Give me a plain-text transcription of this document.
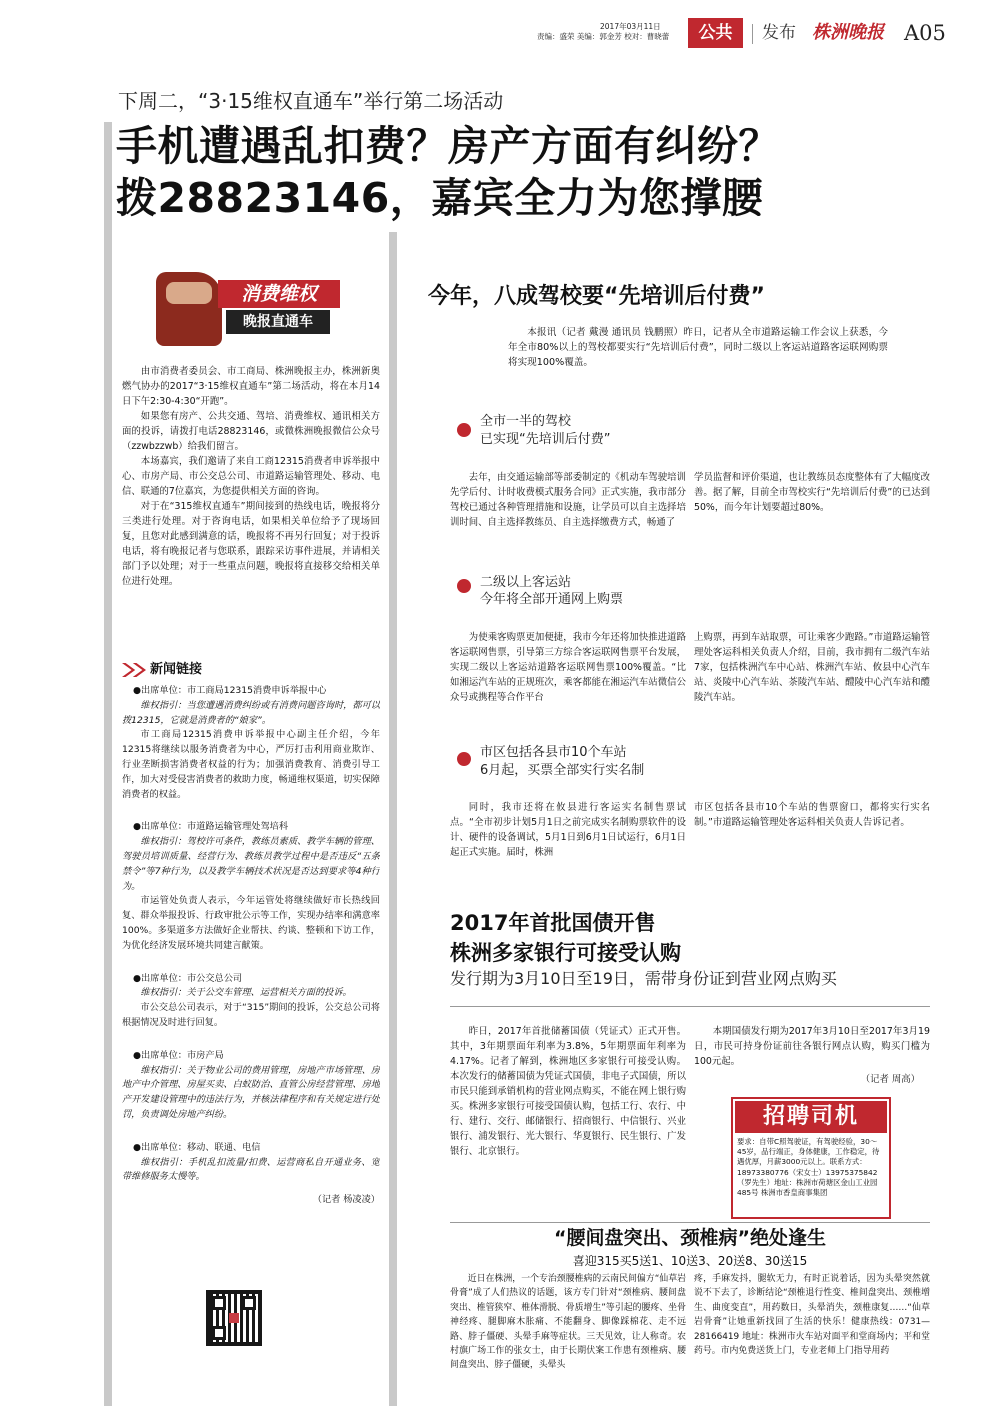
2017年03月11日
责编：盛荣 美编：郭金芳 校对：曹晓蕾	公共	发布 株洲晚报 A05
下周二，“3·15维权直通车”举行第二场活动
手机遭遇乱扣费？房产方面有纠纷？
拨28823146，嘉宾全力为您撑腰
消费维权
晚报直通车

由市消费者委员会、市工商局、株洲晚报主办，株洲新奥燃气协办的2017“3·15维权直通车”第二场活动，将在本月14日下午2:30-4:30“开跑”。

如果您有房产、公共交通、驾培、消费维权、通讯相关方面的投诉，请拨打电话28823146，或微株洲晚报微信公众号（zzwbzzwb）给我们留言。

本场嘉宾，我们邀请了来自工商12315消费者申诉举报中心、市房产局、市公交总公司、市道路运输管理处、移动、电信、联通的7位嘉宾，为您提供相关方面的咨询。

对于在“315维权直通车”期间接到的热线电话，晚报将分三类进行处理。对于咨询电话，如果相关单位给予了现场回复，且您对此感到满意的话，晚报将不再另行回复；对于投诉电话，将有晚报记者与您联系，跟踪采访事件进展，并请相关部门予以处理；对于一些重点问题，晚报将直接移交给相关单位进行处理。

新闻链接

●出席单位：市工商局12315消费申诉举报中心

维权指引：当您遭遇消费纠纷或有消费问题咨询时，都可以拨12315，它就是消费者的“娘家”。

市工商局12315消费申诉举报中心副主任介绍，今年12315将继续以服务消费者为中心，严厉打击利用商业欺诈、行业垄断损害消费者权益的行为；加强消费教育、消费引导工作，加大对受侵害消费者的救助力度，畅通维权渠道，切实保障消费者的权益。

●出席单位：市道路运输管理处驾培科

维权指引：驾校许可条件，教练员素质、教学车辆的管理、驾驶员培训质量、经营行为、教练员教学过程中是否违反“五条禁令”等7种行为，以及教学车辆技术状况是否达到要求等4种行为。

市运管处负责人表示，今年运管处将继续做好市长热线回复、群众举报投诉、行政审批公示等工作，实现办结率和满意率100%。多渠道多方法做好企业帮扶、约谈、整顿和下访工作，为优化经济发展环境共同建言献策。

●出席单位：市公交总公司

维权指引：关于公交车管理、运营相关方面的投诉。

市公交总公司表示，对于“315”期间的投诉，公交总公司将根据情况及时进行回复。

●出席单位：市房产局

维权指引：关于物业公司的费用管理，房地产市场管理、房地产中介管理、房屋买卖、白蚁防治、直管公房经营管理、房地产开发建设管理中的违法行为，并核法律程序和有关规定进行处罚，负责调处房地产纠纷。

●出席单位：移动、联通、电信

维权指引：手机乱扣流量/扣费、运营商私自开通业务、宽带维修服务太慢等。

（记者 杨凌凌）

今年，八成驾校要“先培训后付费”
本报讯（记者 戴漫 通讯员 钱鹏照）昨日，记者从全市道路运输工作会议上获悉，今年全市80%以上的驾校都要实行“先培训后付费”，同时二级以上客运站道路客运联网购票将实现100%覆盖。
全市一半的驾校
已实现“先培训后付费”
去年，由交通运输部等部委制定的《机动车驾驶培训先学后付、计时收费模式服务合同》正式实施，我市部分驾校已通过各种管理措施和设施，让学员可以自主选择培训时间、自主选择教练员、自主选择缴费方式，畅通了
学员监督和评价渠道，也让教练员态度整体有了大幅度改善。据了解，目前全市驾校实行“先培训后付费”的已达到50%，而今年计划要超过80%。
二级以上客运站
今年将全部开通网上购票
为使乘客购票更加便捷，我市今年还将加快推进道路客运联网售票，引导第三方综合客运联网售票平台发展，实现二级以上客运站道路客运联网售票100%覆盖。“比如湘运汽车站的正规班次，乘客都能在湘运汽车站微信公众号或携程等合作平台
上购票，再到车站取票，可让乘客少跑路。”市道路运输管理处客运科相关负责人介绍，目前，我市拥有二级汽车站7家，包括株洲汽车中心站、株洲汽车站、攸县中心汽车站、炎陵中心汽车站、茶陵汽车站、醴陵中心汽车站和醴陵汽车站。
市区包括各县市10个车站
6月起，买票全部实行实名制
同时，我市还将在攸县进行客运实名制售票试点。“全市初步计划5月1日之前完成实名制购票软件的设计、硬件的设备调试，5月1日到6月1日试运行，6月1日起正式实施。届时，株洲
市区包括各县市10个车站的售票窗口，都将实行实名制。”市道路运输管理处客运科相关负责人告诉记者。
2017年首批国债开售
株洲多家银行可接受认购
发行期为3月10日至19日，需带身份证到营业网点购买
昨日，2017年首批储蓄国债（凭证式）正式开售。其中，3年期票面年利率为3.8%，5年期票面年利率为4.17%。记者了解到，株洲地区多家银行可接受认购。本次发行的储蓄国债为凭证式国债，非电子式国债，所以市民只能到承销机构的营业网点购买，不能在网上银行购买。株洲多家银行可接受国债认购，包括工行、农行、中行、建行、交行、邮储银行、招商银行、中信银行、兴业银行、浦发银行、光大银行、华夏银行、民生银行、广发银行、北京银行。
本期国债发行期为2017年3月10日至2017年3月19日，市民可持身份证前往各银行网点认购，购买门槛为100元起。
（记者 周高）
招聘司机
要求：自带C照驾驶证，有驾驶经验，30～45岁，品行端正，身体健康，工作稳定，待遇优厚，月薪3000元以上。联系方式：18973380776（宋女士）13975375842（罗先生）地址：株洲市荷塘区金山工业园485号 株洲市香皇商事集团
“腰间盘突出、颈椎病”绝处逢生
喜迎315买5送1、10送3、20送8、30送15
近日在株洲，一个专治颈腰椎病的云南民间偏方“仙草岩骨膏”成了人们热议的话题，该方专门针对“颈椎病、腰间盘突出、椎管狭窄、椎体滑脱、骨质增生”等引起的腰疼、坐骨神经疼、腿脚麻木胀痛、不能翻身、脚像踩棉花、走不远路、脖子僵硬、头晕手麻等症状。三天见效，让人称奇。农村旗广场工作的张女士，由于长期伏案工作患有颈椎病、腰间盘突出、脖子僵硬，头晕头
疼，手麻发抖，腿软无力，有时正说着话，因为头晕突然就说不下去了，诊断结论“颈椎退行性变、椎间盘突出、颈椎增生、曲度变直”，用药数日，头晕消失，颈椎康复……“仙草岩骨膏”让她重新找回了生活的快乐！健康热线：0731—28166419 地址：株洲市火车站对面平和堂商场内；平和堂药号。市内免费送货上门，专业老师上门指导用药
